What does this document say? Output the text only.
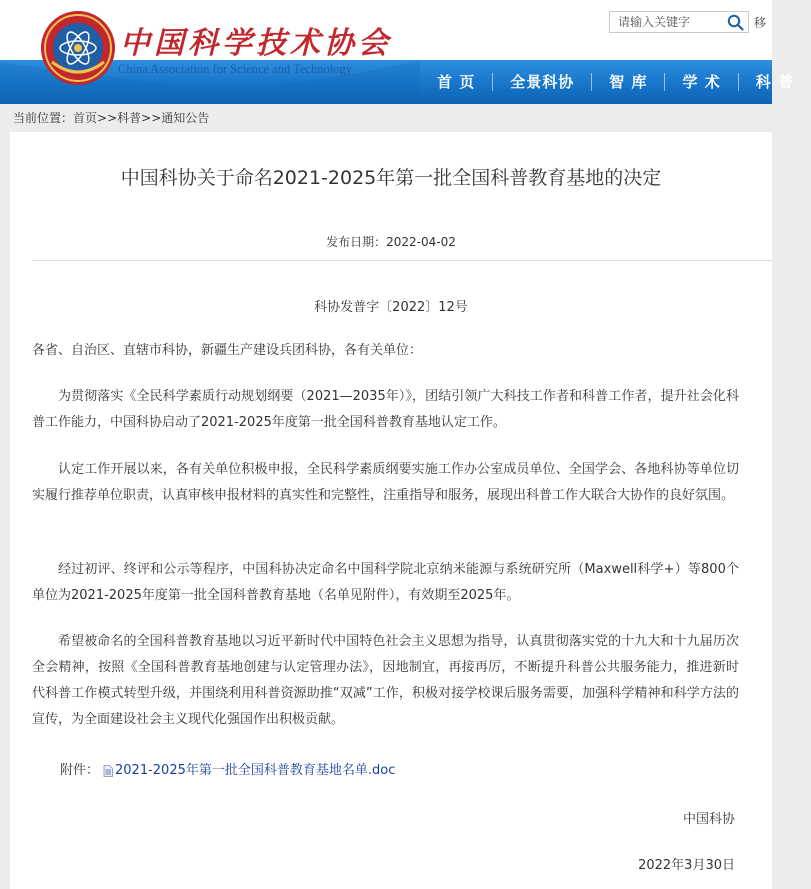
中国科学技术协会
China Association for Science and Technology
请输入关键字
移
首 页	全景科协	智 库	学 术	科 普
当前位置：首页>>科普>>通知公告
中国科协关于命名2021-2025年第一批全国科普教育基地的决定
发布日期：2022-04-02
科协发普字〔2022〕12号
各省、自治区、直辖市科协，新疆生产建设兵团科协，各有关单位：
为贯彻落实《全民科学素质行动规划纲要（2021—2035年）》，团结引领广大科技工作者和科普工作者，提升社会化科普工作能力，中国科协启动了2021-2025年度第一批全国科普教育基地认定工作。
认定工作开展以来，各有关单位积极申报，全民科学素质纲要实施工作办公室成员单位、全国学会、各地科协等单位切实履行推荐单位职责，认真审核申报材料的真实性和完整性，注重指导和服务，展现出科普工作大联合大协作的良好氛围。
经过初评、终评和公示等程序，中国科协决定命名中国科学院北京纳米能源与系统研究所（Maxwell科学+）等800个单位为2021-2025年度第一批全国科普教育基地（名单见附件），有效期至2025年。
希望被命名的全国科普教育基地以习近平新时代中国特色社会主义思想为指导，认真贯彻落实党的十九大和十九届历次全会精神，按照《全国科普教育基地创建与认定管理办法》，因地制宜，再接再厉，不断提升科普公共服务能力，推进新时代科普工作模式转型升级，并围绕利用科普资源助推“双减”工作，积极对接学校课后服务需要，加强科学精神和科学方法的宣传，为全面建设社会主义现代化强国作出积极贡献。
附件： 2021-2025年第一批全国科普教育基地名单.doc
中国科协
2022年3月30日
